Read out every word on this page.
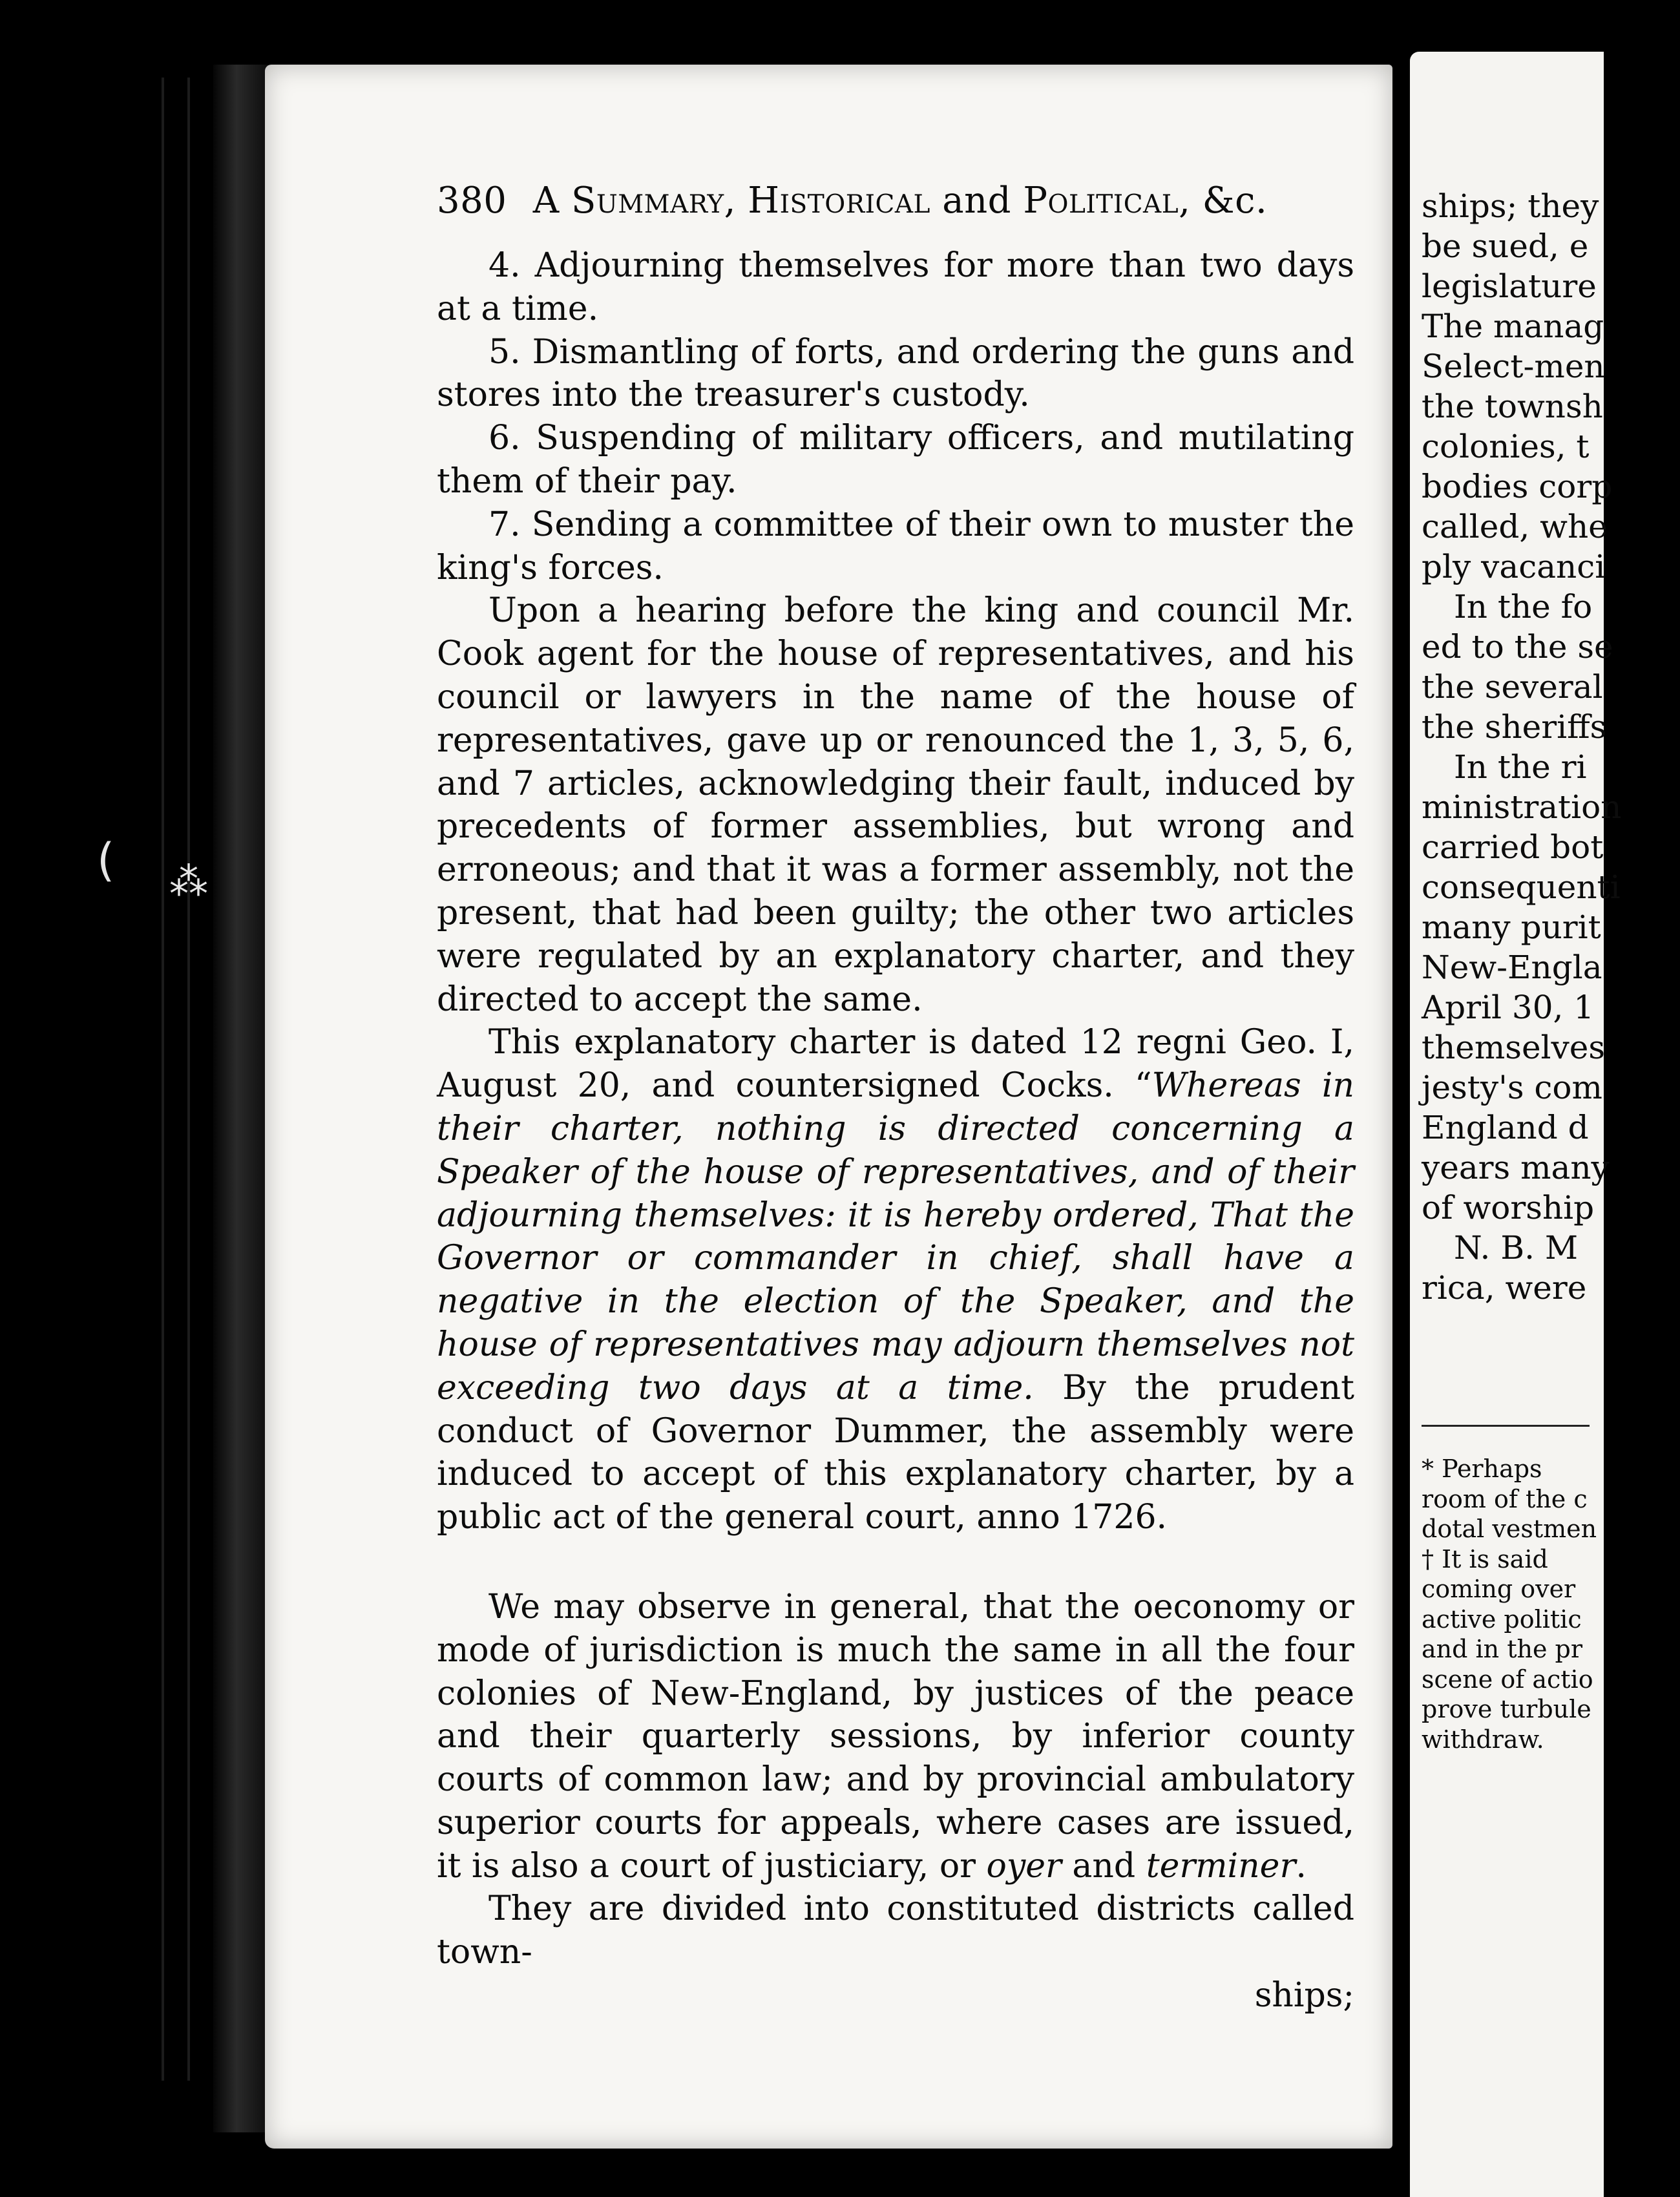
( ⁂
380 A Summary, Historical and Political, &c.

4. Adjourning themselves for more than two days at a time.

5. Dismantling of forts, and ordering the guns and stores into the treasurer's custody.

6. Suspending of military officers, and mutilating them of their pay.

7. Sending a committee of their own to muster the king's forces.

Upon a hearing before the king and council Mr. Cook agent for the house of representatives, and his council or lawyers in the name of the house of representatives, gave up or renounced the 1, 3, 5, 6, and 7 articles, acknowledging their fault, induced by precedents of former assemblies, but wrong and erroneous; and that it was a former assembly, not the present, that had been guilty; the other two articles were regulated by an explanatory charter, and they directed to accept the same.

This explanatory charter is dated 12 regni Geo. I, August 20, and countersigned Cocks. “Whereas in their charter, nothing is directed concerning a Speaker of the house of representatives, and of their adjourning themselves: it is hereby ordered, That the Governor or commander in chief, shall have a negative in the election of the Speaker, and the house of representatives may adjourn themselves not exceeding two days at a time. By the prudent conduct of Governor Dummer, the assembly were induced to accept of this explanatory charter, by a public act of the general court, anno 1726.

We may observe in general, that the oeconomy or mode of jurisdiction is much the same in all the four colonies of New-England, by justices of the peace and their quarterly sessions, by inferior county courts of common law; and by provincial ambulatory superior courts for appeals, where cases are issued, it is also a court of justiciary, or oyer and terminer.

They are divided into constituted districts called town-

ships;

ships; they
be sued, e
legislature
The manag
Select-men
the townsh
colonies, t
bodies corp
called, whe
ply vacanci
In the fo
ed to the se
the several
the sheriffs
In the ri
ministration
carried bot
consequenti
many purit
New-Engla
April 30, 1
themselves
jesty's com
England d
years many
of worship
N. B. M
rica, were
* Perhaps
room of the c
dotal vestmen
† It is said
coming over
active politic
and in the pr
scene of actio
prove turbule
withdraw.
